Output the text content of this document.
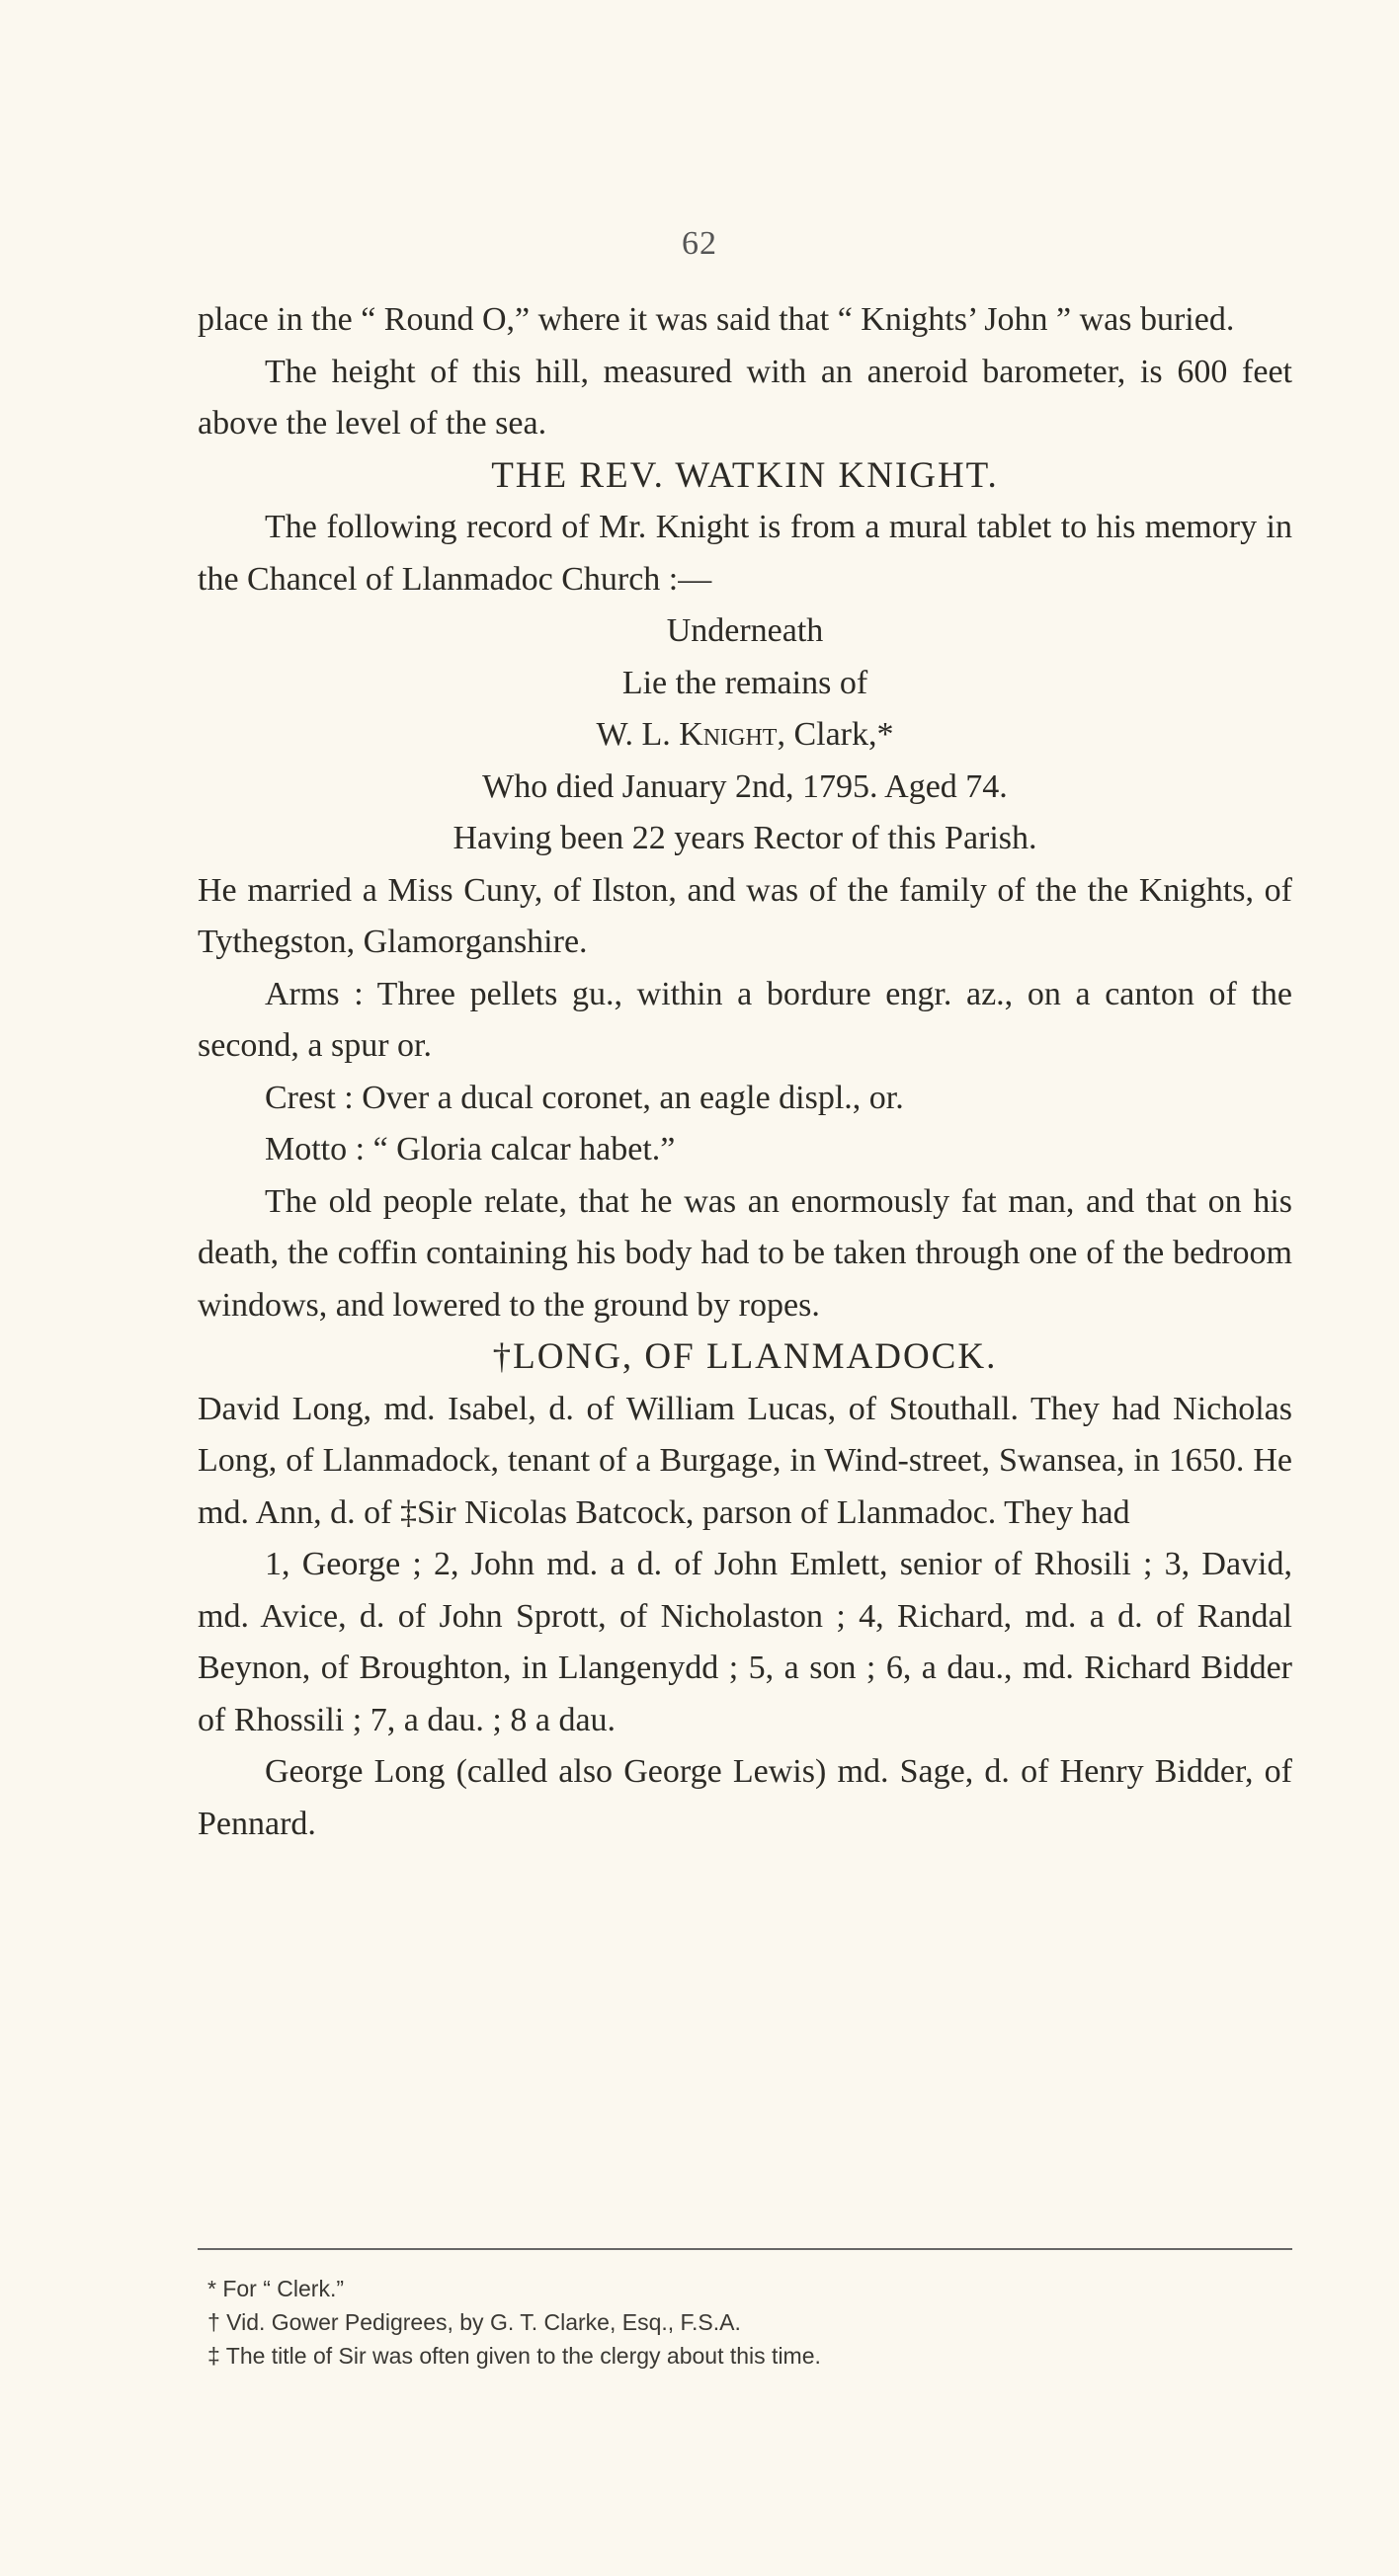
62

place in the “ Round O,” where it was said that “ Knights’ John ” was buried.

The height of this hill, measured with an aneroid barometer, is 600 feet above the level of the sea.

THE REV. WATKIN KNIGHT.

The following record of Mr. Knight is from a mural tablet to his memory in the Chancel of Llanmadoc Church :—

Underneath

Lie the remains of

W. L. Knight, Clark,*

Who died January 2nd, 1795. Aged 74.

Having been 22 years Rector of this Parish.

He married a Miss Cuny, of Ilston, and was of the family of the the Knights, of Tythegston, Glamorganshire.

Arms : Three pellets gu., within a bordure engr. az., on a canton of the second, a spur or.

Crest : Over a ducal coronet, an eagle displ., or.

Motto : “ Gloria calcar habet.”

The old people relate, that he was an enormously fat man, and that on his death, the coffin containing his body had to be taken through one of the bedroom windows, and lowered to the ground by ropes.

†LONG, OF LLANMADOCK.

David Long, md. Isabel, d. of William Lucas, of Stouthall. They had Nicholas Long, of Llanmadock, tenant of a Burgage, in Wind-street, Swansea, in 1650. He md. Ann, d. of ‡Sir Nicolas Batcock, parson of Llanmadoc. They had

1, George ; 2, John md. a d. of John Emlett, senior of Rhosili ; 3, David, md. Avice, d. of John Sprott, of Nicholaston ; 4, Richard, md. a d. of Randal Beynon, of Broughton, in Llangenydd ; 5, a son ; 6, a dau., md. Richard Bidder of Rhossili ; 7, a dau. ; 8 a dau.

George Long (called also George Lewis) md. Sage, d. of Henry Bidder, of Pennard.

* For “ Clerk.”

† Vid. Gower Pedigrees, by G. T. Clarke, Esq., F.S.A.

‡ The title of Sir was often given to the clergy about this time.
